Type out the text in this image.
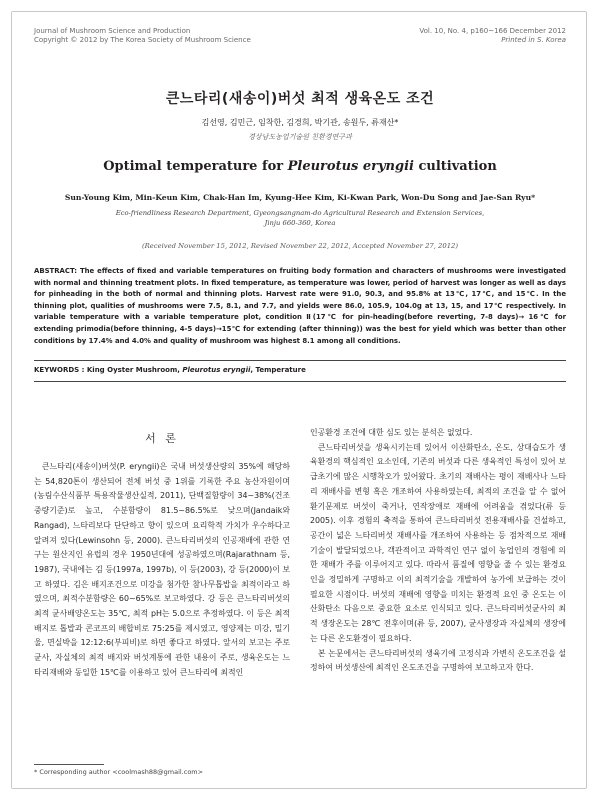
Journal of Mushroom Science and Production
Copyright © 2012 by The Korea Society of Mushroom Science
Vol. 10, No. 4, p160~166 December 2012
Printed in S. Korea
큰느타리(새송이)버섯 최적 생육온도 조건
김선영, 김민근, 임착한, 김경희, 박기관, 송원두, 류재산*
경상남도농업기술원 친환경연구과
Optimal temperature for Pleurotus eryngii cultivation
Sun-Young Kim, Min-Keun Kim, Chak-Han Im, Kyung-Hee Kim, Ki-Kwan Park, Won-Du Song and Jae-San Ryu*
Eco-friendliness Research Department, Gyeongsangnam-do Agricultural Research and Extension Services,
Jinju 660-360, Korea
(Received November 15, 2012, Revised November 22, 2012, Accepted November 27, 2012)

ABSTRACT: The effects of fixed and variable temperatures on fruiting body formation and characters of mushrooms were investigated with normal and thinning treatment plots. In fixed temperature, as temperature was lower, period of harvest was longer as well as days for pinheading in the both of normal and thinning plots. Harvest rate were 91.0, 90.3, and 95.8% at 13℃, 17℃, and 15℃. In the thinning plot, qualities of mushrooms were 7.5, 8.1, and 7.7, and yields were 86.0, 105.9, 104.0g at 13, 15, and 17℃ respectively. In variable temperature with a variable temperature plot, condition Ⅱ(17℃ for pin-heading(before reverting, 7-8 days)→ 16℃ for extending primodia(before thinning, 4-5 days)→15℃ for extending (after thinning)) was the best for yield which was better than other conditions by 17.4% and 4.0% and quality of mushroom was highest 8.1 among all conditions.

KEYWORDS : King Oyster Mushroom, Pleurotus eryngii, Temperature
서 론

큰느타리(새송이)버섯(P. eryngii)은 국내 버섯생산량의 35%에 해당하는 54,820톤이 생산되어 전체 버섯 중 1위를 기록한 주요 농산자원이며(농림수산식품부 특용작물생산실적, 2011), 단백질함량이 34~38%(건조중량기준)로 높고, 수분함량이 81.5~86.5%로 낮으며(Jandaik와 Rangad), 느타리보다 단단하고 향이 있으며 요리학적 가치가 우수하다고 알려져 있다(Lewinsohn 등, 2000). 큰느타리버섯의 인공재배에 관한 연구는 원산지인 유럽의 경우 1950년대에 성공하였으며(Rajarathnam 등, 1987), 국내에는 김 등(1997a, 1997b), 이 등(2003), 강 등(2000)이 보고 하였다. 김은 배지조건으로 미강을 첨가한 참나무톱밥을 최적이라고 하였으며, 최적수분함량은 60~65%로 보고하였다. 강 등은 큰느타리버섯의 최적 균사배양온도는 35℃, 최적 pH는 5.0으로 추정하였다. 이 등은 최적배지로 톱밥과 콘코프의 배합비로 75:25를 제시였고, 영양제는 미강, 밀기울, 면실박을 12:12:6(부피비)로 하면 좋다고 하였다. 앞서의 보고는 주로 균사, 자실체의 최적 배지와 버섯계통에 관한 내용이 주로, 생육온도는 느타리재배와 동일한 15℃를 이용하고 있어 큰느타리에 최적인

인공환경 조건에 대한 심도 있는 분석은 없었다.

큰느타리버섯을 생육시키는데 있어서 이산화탄소, 온도, 상대습도가 생육환경의 핵심적인 요소인데, 기존의 버섯과 다른 생육적인 특성이 있어 보급초기에 많은 시행착오가 있어왔다. 초기의 재배사는 평이 재배사나 느타리 재배사를 변형 혹은 개조하여 사용하였는데, 최적의 조건을 알 수 없어 환기문제로 버섯이 죽거나, 연작장애로 재배에 어려움을 겪었다(류 등 2005). 이후 경험의 축적을 통하여 큰느타리버섯 전용재배사를 건설하고, 공간이 넓은 느타리버섯 재배사를 개조하여 사용하는 등 점차적으로 재배기술이 발달되었으나, 객관적이고 과학적인 연구 없이 농업인의 경험에 의한 재배가 주를 이루어지고 있다. 따라서 품질에 영향을 줄 수 있는 환경요인을 정밀하게 구명하고 이의 최적기술을 개발하여 농가에 보급하는 것이 필요한 시점이다. 버섯의 재배에 영향을 미치는 환경적 요인 중 온도는 이산화탄소 다음으로 중요한 요소로 인식되고 있다. 큰느타리버섯균사의 최적 생장온도는 28℃ 전후이며(류 등, 2007), 균사생장과 자실체의 생장에는 다른 온도환경이 필요하다.

본 논문에서는 큰느타리버섯의 생육기에 고정식과 가변식 온도조건을 설정하여 버섯생산에 최적인 온도조건을 구명하여 보고하고자 한다.

* Corresponding author <coolmash88@gmail.com>
